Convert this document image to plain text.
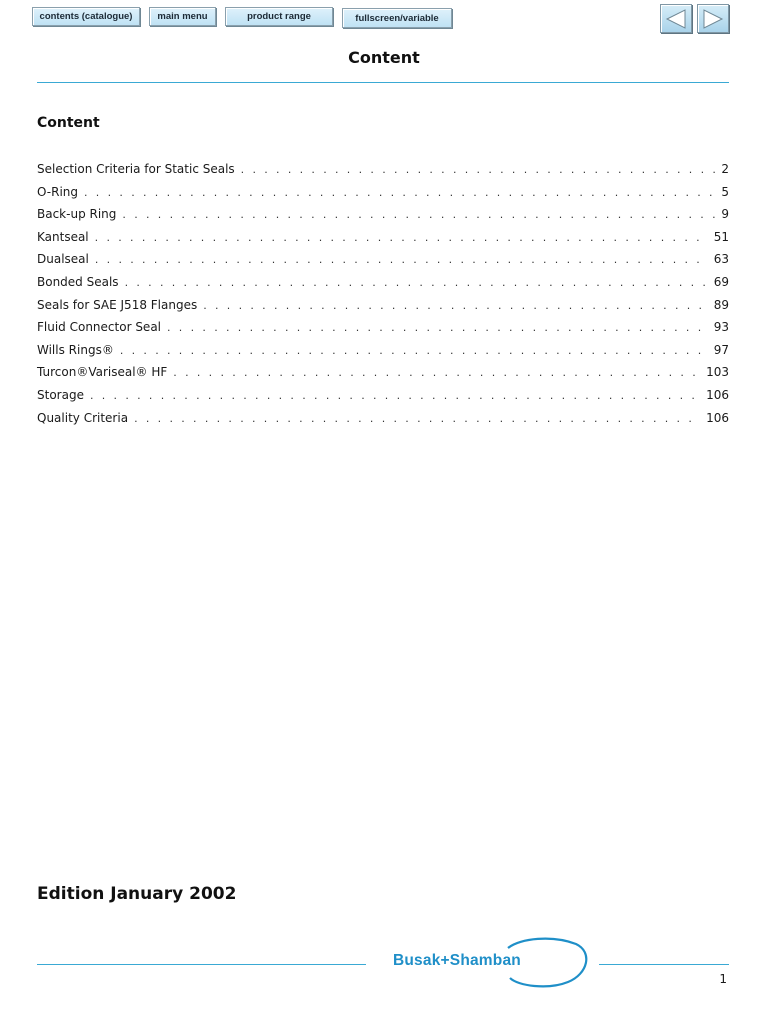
contents (catalogue)	main menu	product range	fullscreen/variable
Content
Content
Selection Criteria for Static Seals . . .	2
O-Ring . . .	5
Back-up Ring . . .	9
Kantseal . . .	51
Dualseal . . .	63
Bonded Seals . . .	69
Seals for SAE J518 Flanges . . .	89
Fluid Connector Seal . . .	93
Wills Rings® . . .	97
Turcon®Variseal® HF . . .	103
Storage . . .	106
Quality Criteria . . .	106
Edition January 2002
Busak+Shamban
1
